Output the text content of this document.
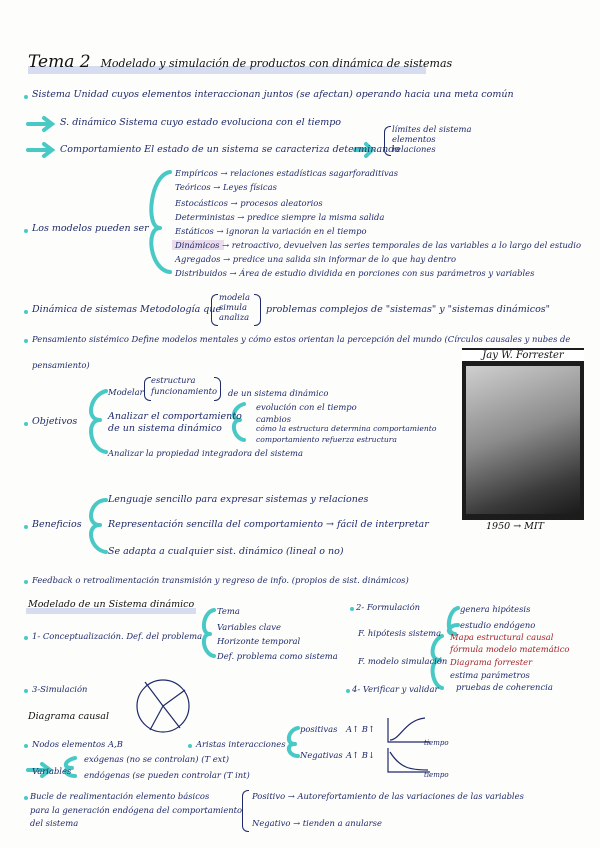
Tema 2 Modelado y simulación de productos con dinámica de sistemas
Sistema Unidad cuyos elementos interaccionan juntos (se afectan) operando hacia una meta común
S. dinámico Sistema cuyo estado evoluciona con el tiempo
Comportamiento El estado de un sistema se caracteriza determinando
límites del sistema
elementos
relaciones
Los modelos pueden ser
Empíricos → relaciones estadísticas sagarforaditivas
Teóricos → Leyes físicas
Estocásticos → procesos aleatorios
Deterministas → predice siempre la misma salida
Estáticos → ignoran la variación en el tiempo
Dinámicos → retroactivo, devuelven las series temporales de las variables a lo largo del estudio
Agregados → predice una salida sin informar de lo que hay dentro
Distribuidos → Área de estudio dividida en porciones con sus parámetros y variables
Dinámica de sistemas Metodología que
modela
simula
analiza
problemas complejos de "sistemas" y "sistemas dinámicos"
Pensamiento sistémico Define modelos mentales y cómo estos orientan la percepción del mundo (Círculos causales y nubes de
pensamiento)
Jay W. Forrester
1950 → MIT
Objetivos
Modelar
estructura
funcionamiento de un sistema dinámico
Analizar el comportamiento
de un sistema dinámico
evolución con el tiempo
cambios
cómo la estructura determina comportamiento
comportamiento refuerza estructura
Analizar la propiedad integradora del sistema
Beneficios
Lenguaje sencillo para expresar sistemas y relaciones
Representación sencilla del comportamiento → fácil de interpretar
Se adapta a cualquier sist. dinámico (lineal o no)
Feedback o retroalimentación transmisión y regreso de info. (propios de sist. dinámicos)
Modelado de un Sistema dinámico
1- Conceptualización. Def. del problema
Tema
Variables clave
Horizonte temporal
Def. problema como sistema
2- Formulación
F. hipótesis sistema
genera hipótesis
estudio endógeno
F. modelo simulación
Mapa estructural causal
fórmula modelo matemático
Diagrama forrester
estima parámetros
pruebas de coherencia
3-Simulación	4- Verificar y validar
Diagrama causal
Nodos elementos A,B	Aristas interacciones
positivas A↑ B↑
Negativas A↑ B↓
tiempo
tiempo
Variables
exógenas (no se controlan) (T ext)
endógenas (se pueden controlar (T int)
Bucle de realimentación elemento básicos
para la generación endógena del comportamiento
del sistema
Positivo → Autorefortamiento de las variaciones de las variables
Negativo → tienden a anularse
